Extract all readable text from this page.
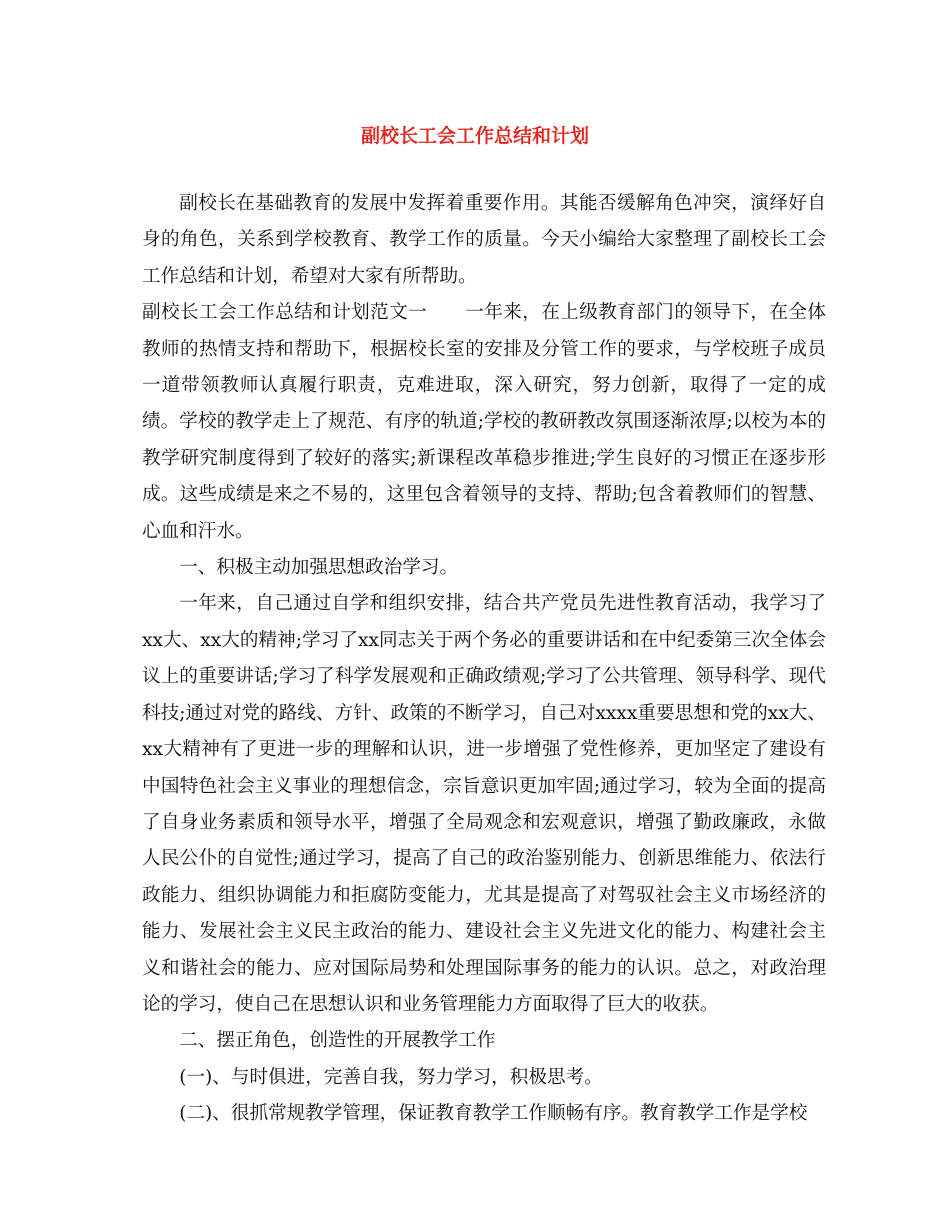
副校长工会工作总结和计划

副校长在基础教育的发展中发挥着重要作用。其能否缓解角色冲突，演绎好自身的角色，关系到学校教育、教学工作的质量。今天小编给大家整理了副校长工会工作总结和计划，希望对大家有所帮助。

副校长工会工作总结和计划范文一　　一年来，在上级教育部门的领导下，在全体教师的热情支持和帮助下，根据校长室的安排及分管工作的要求，与学校班子成员一道带领教师认真履行职责，克难进取，深入研究，努力创新，取得了一定的成绩。学校的教学走上了规范、有序的轨道;学校的教研教改氛围逐渐浓厚;以校为本的教学研究制度得到了较好的落实;新课程改革稳步推进;学生良好的习惯正在逐步形成。这些成绩是来之不易的，这里包含着领导的支持、帮助;包含着教师们的智慧、心血和汗水。

一、积极主动加强思想政治学习。

一年来，自己通过自学和组织安排，结合共产党员先进性教育活动，我学习了xx大、xx大的精神;学习了xx同志关于两个务必的重要讲话和在中纪委第三次全体会议上的重要讲话;学习了科学发展观和正确政绩观;学习了公共管理、领导科学、现代科技;通过对党的路线、方针、政策的不断学习，自己对xxxx重要思想和党的xx大、xx大精神有了更进一步的理解和认识，进一步增强了党性修养，更加坚定了建设有中国特色社会主义事业的理想信念，宗旨意识更加牢固;通过学习，较为全面的提高了自身业务素质和领导水平，增强了全局观念和宏观意识，增强了勤政廉政，永做人民公仆的自觉性;通过学习，提高了自己的政治鉴别能力、创新思维能力、依法行政能力、组织协调能力和拒腐防变能力，尤其是提高了对驾驭社会主义市场经济的能力、发展社会主义民主政治的能力、建设社会主义先进文化的能力、构建社会主义和谐社会的能力、应对国际局势和处理国际事务的能力的认识。总之，对政治理论的学习，使自己在思想认识和业务管理能力方面取得了巨大的收获。

二、摆正角色，创造性的开展教学工作

(一)、与时俱进，完善自我，努力学习，积极思考。

(二)、很抓常规教学管理，保证教育教学工作顺畅有序。教育教学工作是学校
